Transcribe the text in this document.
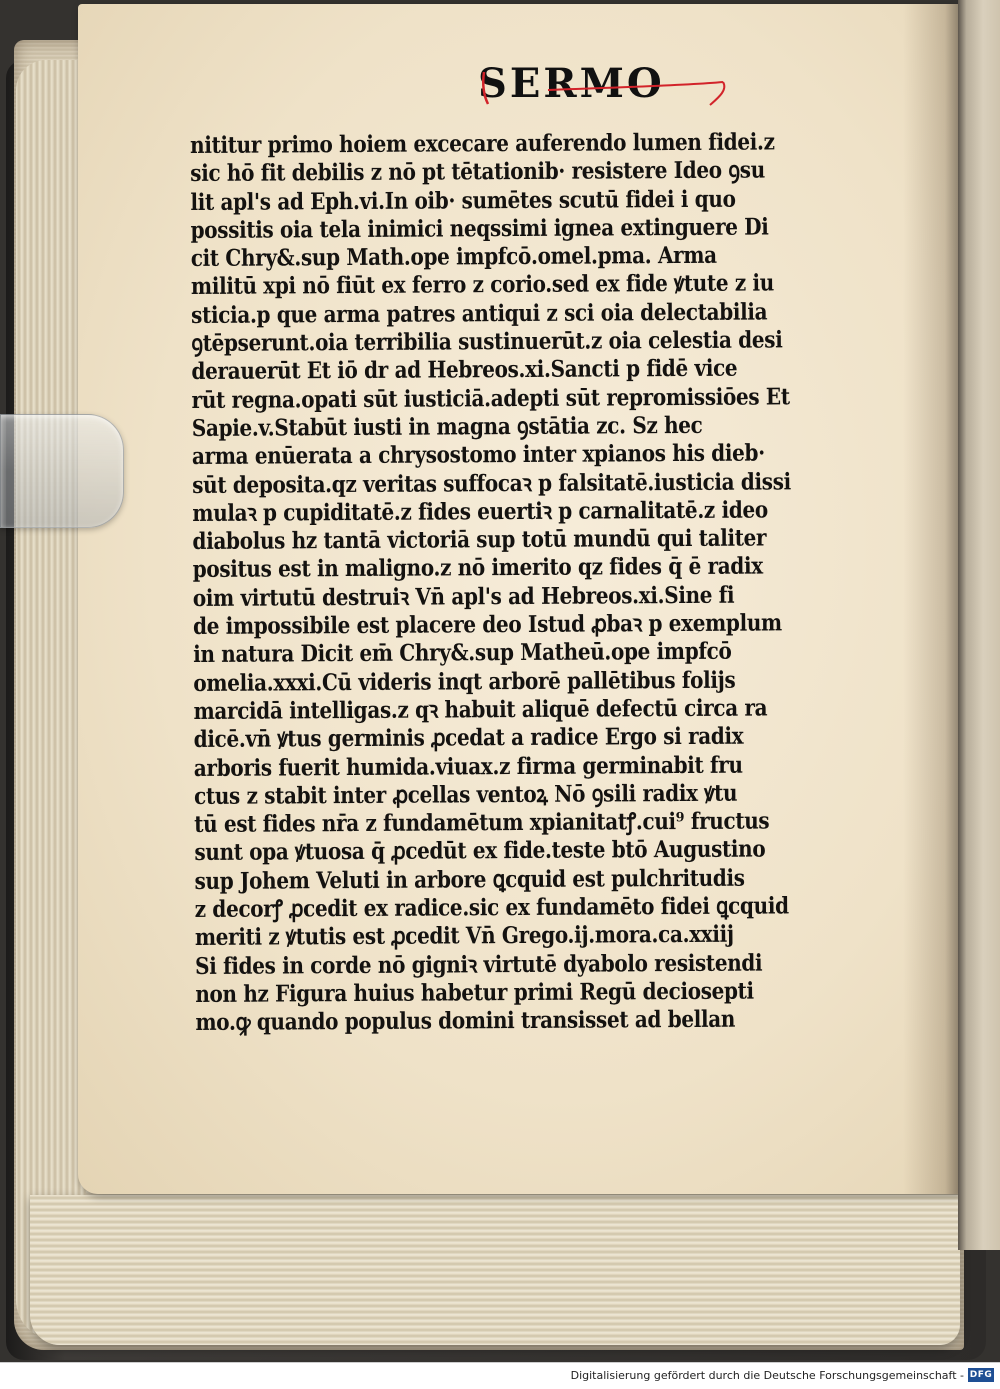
SERMO
nititur primo hoiem excecare auferendo lumen fidei.z
sic hō fit debilis z nō pt tētationib· resistere Ideo ꝯsu
lit apl's ad Eph.vi.In oib· sumētes scutū fidei i quo
possitis oia tela inimici neqssimi ignea extinguere Di
cit Chry&.sup Math.ope impfcō.omel.pma. Arma
militū xpi nō fiūt ex ferro z corio.sed ex fide ꝟtute z iu
sticia.p que arma patres antiqui z sci oia delectabilia
ꝯtēpserunt.oia terribilia sustinuerūt.z oia celestia desi
derauerūt Et iō dr ad Hebreos.xi.Sancti p fidē vice
rūt regna.opati sūt iusticiā.adepti sūt repromissiōes Et
Sapie.v.Stabūt iusti in magna ꝯstātia zc. Sz hec
arma enūerata a chrysostomo inter xpianos his dieb·
sūt deposita.qz veritas suffocaꝛ p falsitatē.iusticia dissi
mulaꝛ p cupiditatē.z fides euertiꝛ p carnalitatē.z ideo
diabolus hz tantā victoriā sup totū mundū qui taliter
positus est in maligno.z nō imerito qz fides q̄ ē radix
oim virtutū destruiꝛ Vn̄ apl's ad Hebreos.xi.Sine fi
de impossibile est placere deo Istud ꝓbaꝛ p exemplum
in natura Dicit em̄ Chry&.sup Matheū.ope impfcō
omelia.xxxi.Cū videris inqt arborē pallētibus folijs
marcidā intelligas.z qꝛ habuit aliquē defectū circa ra
dicē.vn̄ ꝟtus germinis ꝓcedat a radice Ergo si radix
arboris fuerit humida.viuax.z firma germinabit fru
ctus z stabit inter ꝓcellas ventoꝝ Nō ꝯsili radix ꝟtu
tū est fides nr̄a z fundamētum xpianitatꝭ.cui⁹ fructus
sunt opa ꝟtuosa q̄ ꝓcedūt ex fide.teste btō Augustino
sup Johem Veluti in arbore ꝗcquid est pulchritudis
z decorꝭ ꝓcedit ex radice.sic ex fundamēto fidei ꝗcquid
meriti z ꝟtutis est ꝓcedit Vn̄ Grego.ij.mora.ca.xxiij
Si fides in corde nō gigniꝛ virtutē dyabolo resistendi
non hz Figura huius habetur primi Regū deciosepti
mo.ꝙ quando populus domini transisset ad bellan
Digitalisierung gefördert durch die Deutsche Forschungsgemeinschaft - DFG
